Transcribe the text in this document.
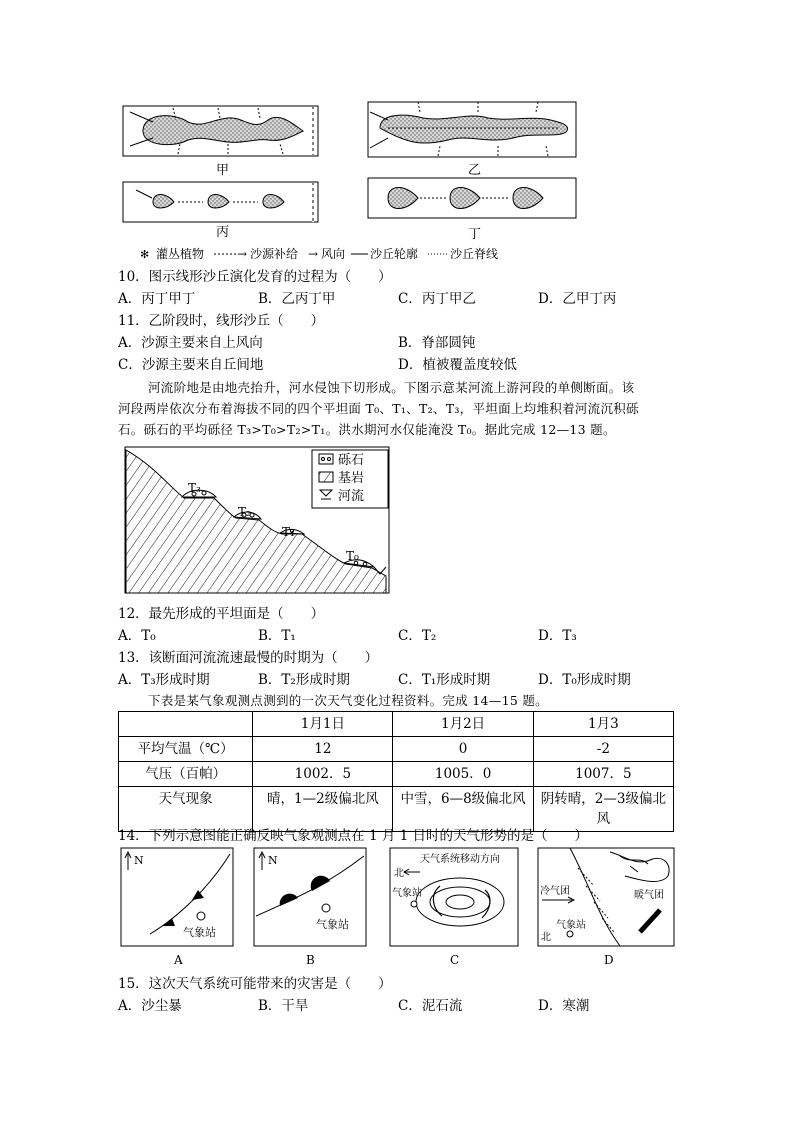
甲	乙
丙	丁
✻ 灌丛植物	→ 沙源补给 → 风向 沙丘轮廓	沙丘脊线
10．图示线形沙丘演化发育的过程为（　　）
A．丙丁甲丁	B．乙丙丁甲	C．丙丁甲乙	D．乙甲丁丙
11．乙阶段时，线形沙丘（　　）
A．沙源主要来自上风向	B．脊部圆钝
C．沙源主要来自丘间地	D．植被覆盖度较低
河流阶地是由地壳抬升，河水侵蚀下切形成。下图示意某河流上游河段的单侧断面。该
河段两岸依次分布着海拔不同的四个平坦面 T₀、T₁、T₂、T₃，平坦面上均堆积着河流沉积砾
石。砾石的平均砾径 T₃>T₀>T₂>T₁。洪水期河水仅能淹没 T₀。据此完成 12—13 题。
T₃
T₂
T₁
T₀
砾石
基岩
河流
12．最先形成的平坦面是（　　）
A．T₀	B．T₁	C．T₂	D．T₃
13．该断面河流流速最慢的时期为（　　）
A．T₃形成时期	B．T₂形成时期	C．T₁形成时期	D．T₀形成时期
下表是某气象观测点测到的一次天气变化过程资料。完成 14—15 题。
	1月1日	1月2日	1月3
平均气温（℃）	12	0	-2
气压（百帕）	1002．5	1005．0	1007．5
天气现象	晴，1—2级偏北风	中雪，6—8级偏北风	阴转晴，2—3级偏北风
14．下列示意图能正确反映气象观测点在 1 月 1 日时的天气形势的是（　　）
N
气象站
A
N
气象站
B
天气系统移动方向
北
气象站
C
冷气团	暖气团
气象站
北
D
15．这次天气系统可能带来的灾害是（　　）
A．沙尘暴	B．干旱	C．泥石流	D．寒潮
